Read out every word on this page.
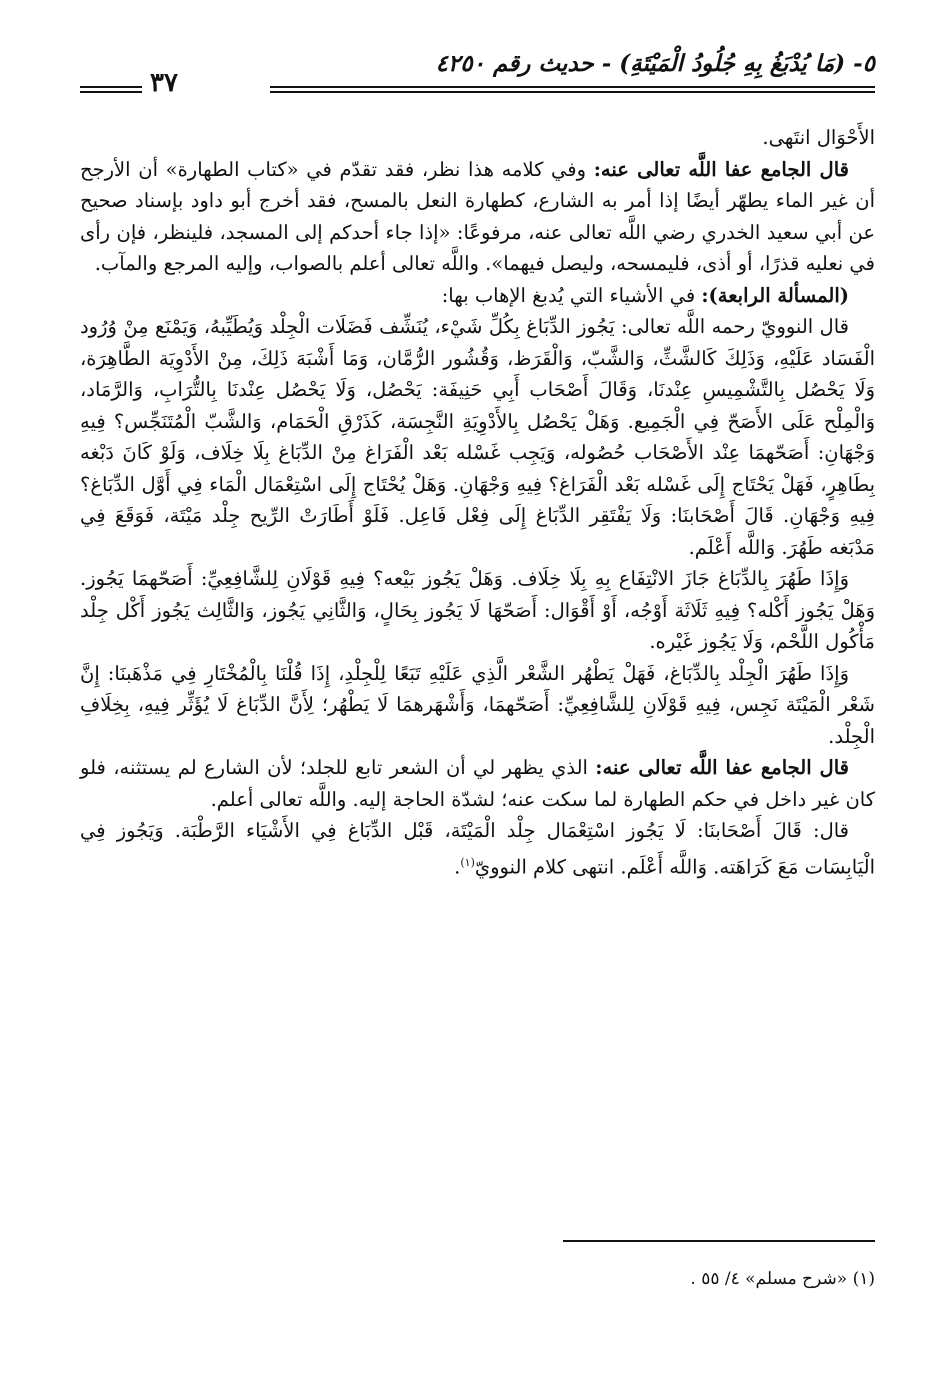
٥- (مَا يُدْبَغُ بِهِ جُلُودُ الْمَيْتَةِ) - حديث رقم ٤٢٥٠
٣٧

الأَحْوَال انتَهى.

قال الجامع عفا اللَّه تعالى عنه: وفي كلامه هذا نظر، فقد تقدّم في «كتاب الطهارة» أن الأرجح أن غير الماء يطهّر أيضًا إذا أمر به الشارع، كطهارة النعل بالمسح، فقد أخرج أبو داود بإسناد صحيح عن أبي سعيد الخدري رضي اللَّه تعالى عنه، مرفوعًا: «إذا جاء أحدكم إلى المسجد، فلينظر، فإن رأى في نعليه قذرًا، أو أذى، فليمسحه، وليصل فيهما». واللَّه تعالى أعلم بالصواب، وإليه المرجع والمآب.

(المسألة الرابعة): في الأشياء التي يُدبغ الإهاب بها:

قال النوويّ رحمه اللَّه تعالى: يَجُوز الدِّبَاغ بِكُلِّ شَيْء، يُنَشِّف فَضَلَات الْجِلْد وَيُطَيِّبهُ، وَيَمْنَع مِنْ وُرُود الْفَسَاد عَلَيْهِ، وَذَلِكَ كَالشَّثِّ، وَالشَّبّ، وَالْقَرَظ، وَقُشُور الرُّمَّان، وَمَا أَشْبَهَ ذَلِكَ، مِنْ الأَدْوِيَة الطَّاهِرَة، وَلَا يَحْصُل بِالتَّشْمِيسِ عِنْدنَا، وَقَالَ أَصْحَاب أَبِي حَنِيفَة: يَحْصُل، وَلَا يَحْصُل عِنْدنَا بِالتُّرَابِ، وَالرَّمَاد، وَالْمِلْح عَلَى الأَصَحّ فِي الْجَمِيع. وَهَلْ يَحْصُل بِالأَدْوِيَةِ النَّجِسَة، كَذَرْقِ الْحَمَام، وَالشَّبّ الْمُتَنَجِّس؟ فِيهِ وَجْهَانِ: أَصَحّهمَا عِنْد الأَصْحَاب حُصُوله، وَيَجِب غَسْله بَعْد الْفَرَاغ مِنْ الدِّبَاغ بِلَا خِلَاف، وَلَوْ كَانَ دَبْغه بِطَاهِرٍ، فَهَلْ يَحْتَاج إِلَى غَسْله بَعْد الْفَرَاغ؟ فِيهِ وَجْهَانِ. وَهَلْ يُحْتَاج إِلَى اسْتِعْمَال الْمَاء فِي أَوَّل الدِّبَاغ؟ فِيهِ وَجْهَانِ. قَالَ أَصْحَابنَا: وَلَا يَفْتَقِر الدِّبَاغ إِلَى فِعْل فَاعِل. فَلَوْ أَطَارَتْ الرِّيح جِلْد مَيْتَة، فَوَقَعَ فِي مَدْبَغه طَهُرَ. وَاللَّه أَعْلَم.

وَإِذَا طَهُرَ بِالدِّبَاغ جَازَ الانْتِفَاع بِهِ بِلَا خِلَاف. وَهَلْ يَجُوز بَيْعه؟ فِيهِ قَوْلَانِ لِلشَّافِعِيِّ: أَصَحّهمَا يَجُوز. وَهَلْ يَجُوز أَكْله؟ فِيهِ ثَلَاثَة أَوْجُه، أَوْ أَقْوَال: أَصَحّهَا لَا يَجُوز بِحَالٍ، وَالثَّانِي يَجُوز، وَالثَّالِث يَجُوز أَكْل جِلْد مَأْكُول اللَّحْم، وَلَا يَجُوز غَيْره.

وَإِذَا طَهُرَ الْجِلْد بِالدِّبَاغ، فَهَلْ يَطْهُر الشَّعْر الَّذِي عَلَيْهِ تَبَعًا لِلْجِلْدِ، إِذَا قُلْنَا بِالْمُخْتَارِ فِي مَذْهَبنَا: إِنَّ شَعْر الْمَيْتَة نَجِس، فِيهِ قَوْلَانِ لِلشَّافِعِيِّ: أَصَحّهمَا، وَأَشْهَرهمَا لَا يَطْهُر؛ لِأَنَّ الدِّبَاغ لَا يُؤَثِّر فِيهِ، بِخِلَافِ الْجِلْد.

قال الجامع عفا اللَّه تعالى عنه: الذي يظهر لي أن الشعر تابع للجلد؛ لأن الشارع لم يستثنه، فلو كان غير داخل في حكم الطهارة لما سكت عنه؛ لشدّة الحاجة إليه. واللَّه تعالى أعلم.

قال: قَالَ أَصْحَابنَا: لَا يَجُوز اسْتِعْمَال جِلْد الْمَيْتَة، قَبْل الدِّبَاغ فِي الأَشْيَاء الرَّطْبَة. وَيَجُوز فِي الْيَابِسَات مَعَ كَرَاهَته. وَاللَّه أَعْلَم. انتهى كلام النوويّ$^{(١)}$.

(١) «شرح مسلم» ٤/ ٥٥ .
